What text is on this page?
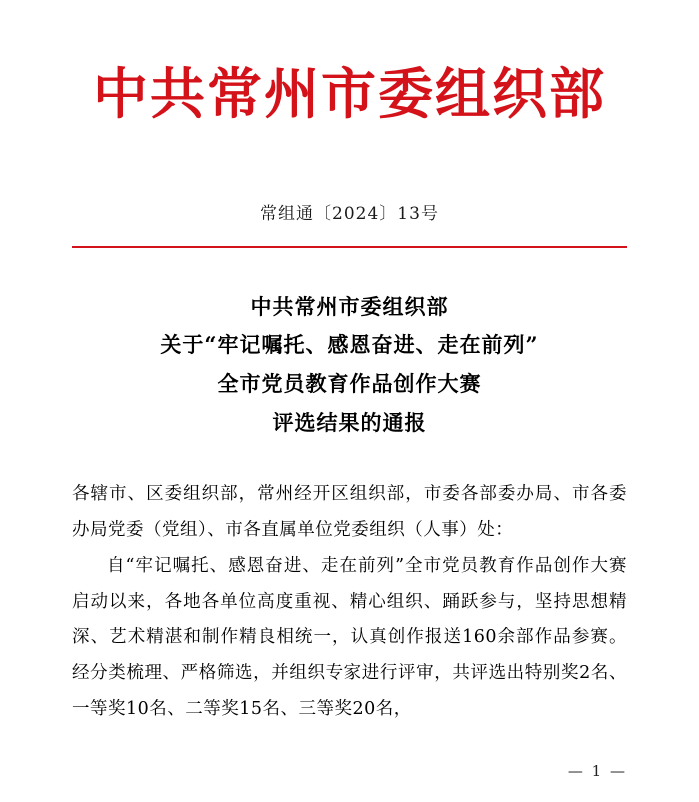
中共常州市委组织部
常组通〔2024〕13号
中共常州市委组织部
关于“牢记嘱托、感恩奋进、走在前列”
全市党员教育作品创作大赛
评选结果的通报

各辖市、区委组织部，常州经开区组织部，市委各部委办局、市各委办局党委（党组）、市各直属单位党委组织（人事）处：

自“牢记嘱托、感恩奋进、走在前列”全市党员教育作品创作大赛启动以来，各地各单位高度重视、精心组织、踊跃参与，坚持思想精深、艺术精湛和制作精良相统一，认真创作报送160余部作品参赛。经分类梳理、严格筛选，并组织专家进行评审，共评选出特别奖2名、一等奖10名、二等奖15名、三等奖20名，

— 1 —
